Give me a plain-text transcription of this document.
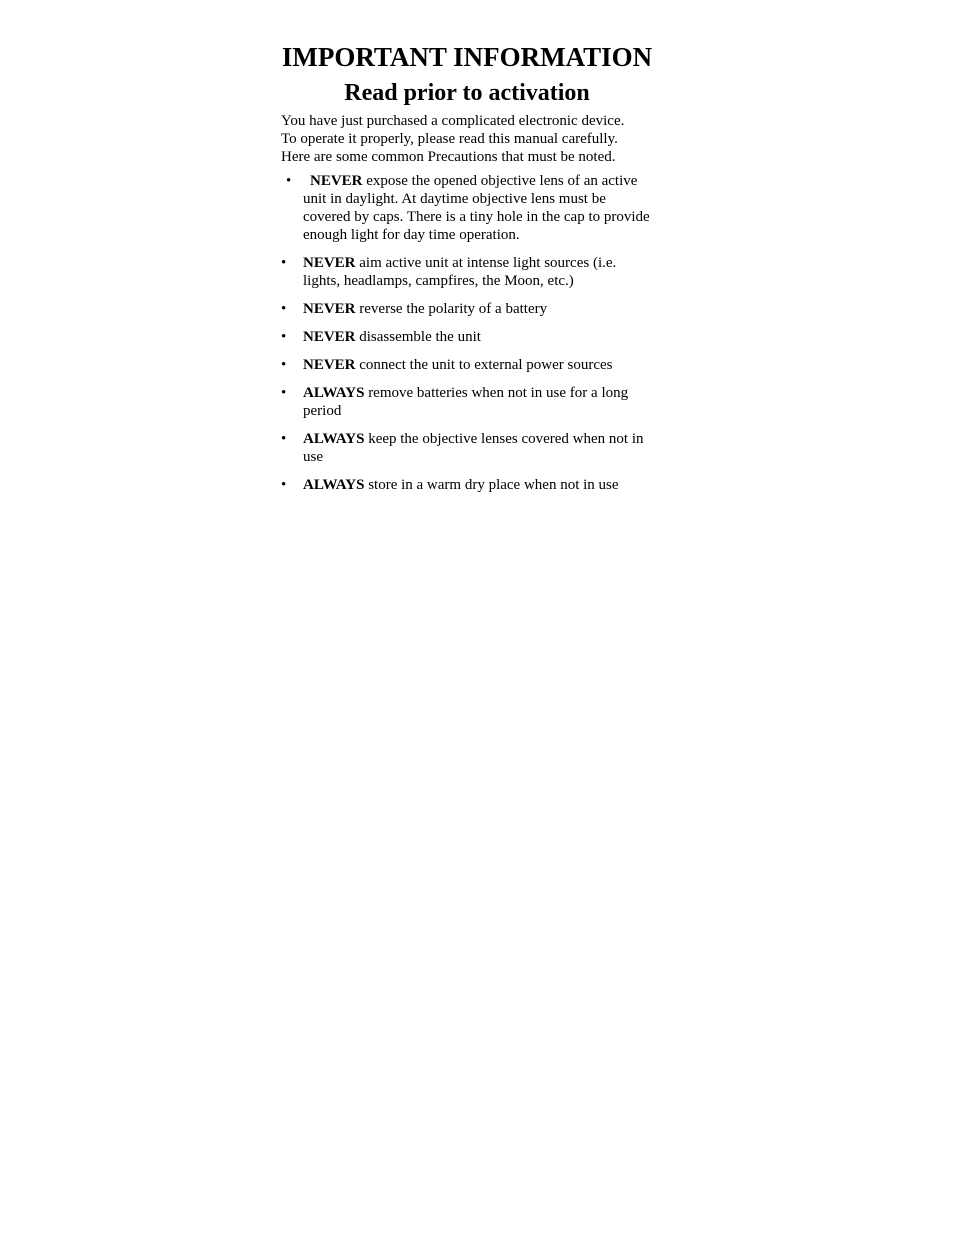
IMPORTANT INFORMATION
Read prior to activation

You have just purchased a complicated electronic device.
To operate it properly, please read this manual carefully.
Here are some common Precautions that must be noted.

•	NEVER expose the opened objective lens of an active unit in daylight. At daytime objective lens must be covered by caps. There is a tiny hole in the cap to provide enough light for day time operation.
•	NEVER aim active unit at intense light sources (i.e. lights, headlamps, campfires, the Moon, etc.)
•	NEVER reverse the polarity of a battery
•	NEVER disassemble the unit
•	NEVER connect the unit to external power sources
•	ALWAYS remove batteries when not in use for a long period
•	ALWAYS keep the objective lenses covered when not in use
•	ALWAYS store in a warm dry place when not in use
